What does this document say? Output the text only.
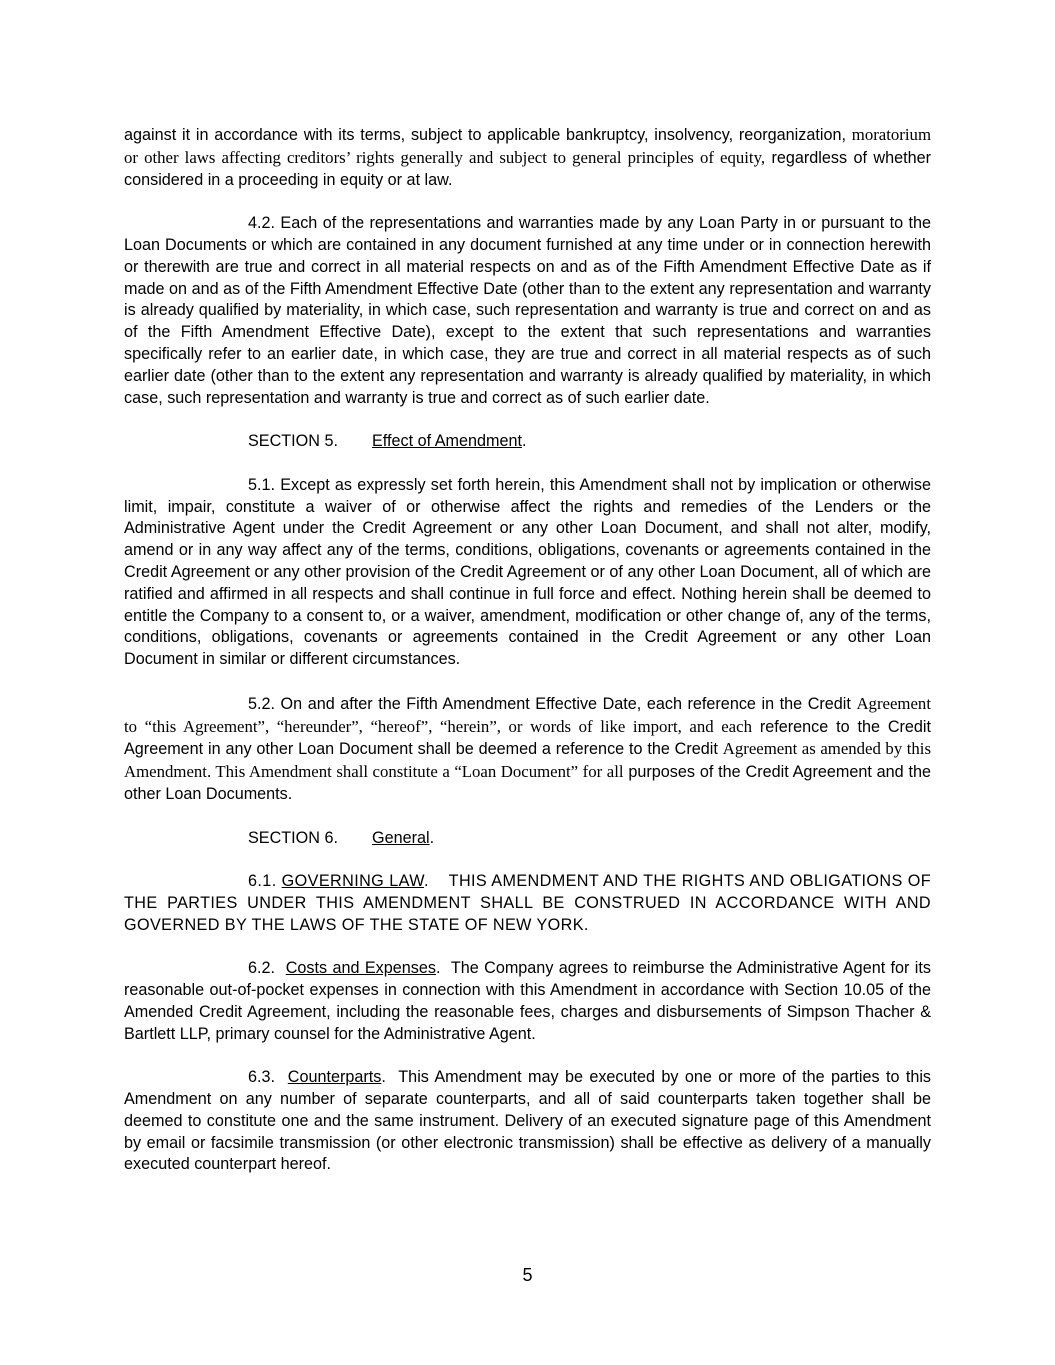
against it in accordance with its terms, subject to applicable bankruptcy, insolvency, reorganization, moratorium or other laws affecting creditors’ rights generally and subject to general principles of equity, regardless of whether considered in a proceeding in equity or at law.

4.2. Each of the representations and warranties made by any Loan Party in or pursuant to the Loan Documents or which are contained in any document furnished at any time under or in connection herewith or therewith are true and correct in all material respects on and as of the Fifth Amendment Effective Date as if made on and as of the Fifth Amendment Effective Date (other than to the extent any representation and warranty is already qualified by materiality, in which case, such representation and warranty is true and correct on and as of the Fifth Amendment Effective Date), except to the extent that such representations and warranties specifically refer to an earlier date, in which case, they are true and correct in all material respects as of such earlier date (other than to the extent any representation and warranty is already qualified by materiality, in which case, such representation and warranty is true and correct as of such earlier date.

SECTION 5. Effect of Amendment.

5.1. Except as expressly set forth herein, this Amendment shall not by implication or otherwise limit, impair, constitute a waiver of or otherwise affect the rights and remedies of the Lenders or the Administrative Agent under the Credit Agreement or any other Loan Document, and shall not alter, modify, amend or in any way affect any of the terms, conditions, obligations, covenants or agreements contained in the Credit Agreement or any other provision of the Credit Agreement or of any other Loan Document, all of which are ratified and affirmed in all respects and shall continue in full force and effect. Nothing herein shall be deemed to entitle the Company to a consent to, or a waiver, amendment, modification or other change of, any of the terms, conditions, obligations, covenants or agreements contained in the Credit Agreement or any other Loan Document in similar or different circumstances.

5.2. On and after the Fifth Amendment Effective Date, each reference in the Credit Agreement to “this Agreement”, “hereunder”, “hereof”, “herein”, or words of like import, and each reference to the Credit Agreement in any other Loan Document shall be deemed a reference to the Credit Agreement as amended by this Amendment. This Amendment shall constitute a “Loan Document” for all purposes of the Credit Agreement and the other Loan Documents.

SECTION 6. General.

6.1. GOVERNING LAW.    THIS AMENDMENT AND THE RIGHTS AND OBLIGATIONS OF THE PARTIES UNDER THIS AMENDMENT SHALL BE CONSTRUED IN ACCORDANCE WITH AND GOVERNED BY THE LAWS OF THE STATE OF NEW YORK.

6.2. Costs and Expenses.  The Company agrees to reimburse the Administrative Agent for its reasonable out-of-pocket expenses in connection with this Amendment in accordance with Section 10.05 of the Amended Credit Agreement, including the reasonable fees, charges and disbursements of Simpson Thacher & Bartlett LLP, primary counsel for the Administrative Agent.

6.3. Counterparts.  This Amendment may be executed by one or more of the parties to this Amendment on any number of separate counterparts, and all of said counterparts taken together shall be deemed to constitute one and the same instrument. Delivery of an executed signature page of this Amendment by email or facsimile transmission (or other electronic transmission) shall be effective as delivery of a manually executed counterpart hereof.

5
